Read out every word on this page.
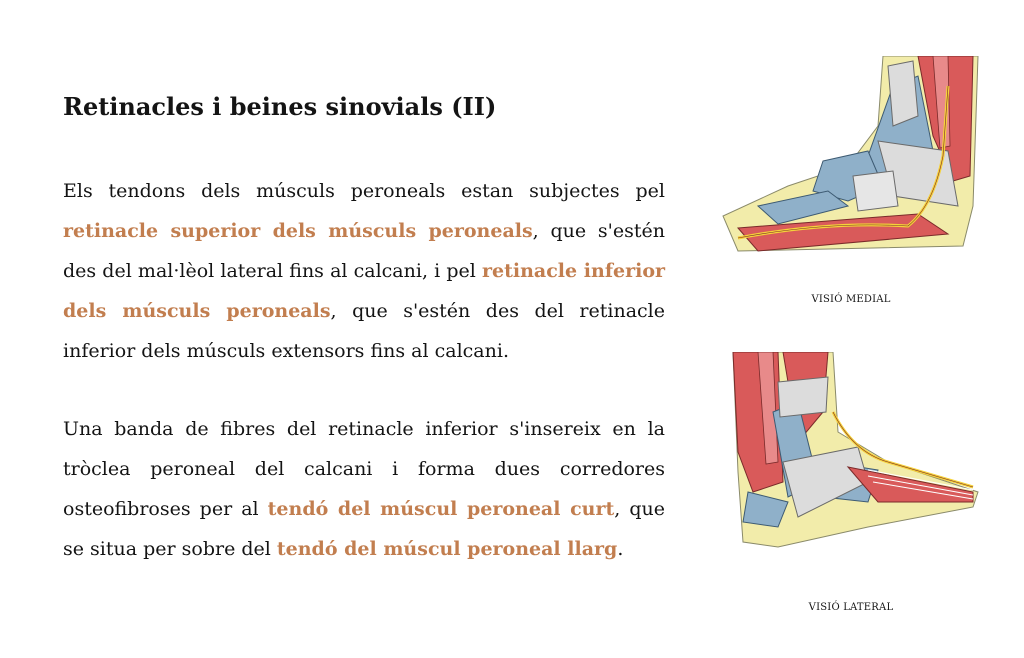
Retinacles i beines sinovials (II)

Els tendons dels músculs peroneals estan subjectes pel retinacle superior dels músculs peroneals, que s'estén des del mal·lèol lateral fins al calcani, i pel retinacle inferior dels músculs peroneals, que s'estén des del retinacle inferior dels músculs extensors fins al calcani.

Una banda de fibres del retinacle inferior s'insereix en la tròclea peroneal del calcani i forma dues corredores osteofibroses per al tendó del múscul peroneal curt, que se situa per sobre del tendó del múscul peroneal llarg.

VISIÓ MEDIAL
VISIÓ LATERAL
